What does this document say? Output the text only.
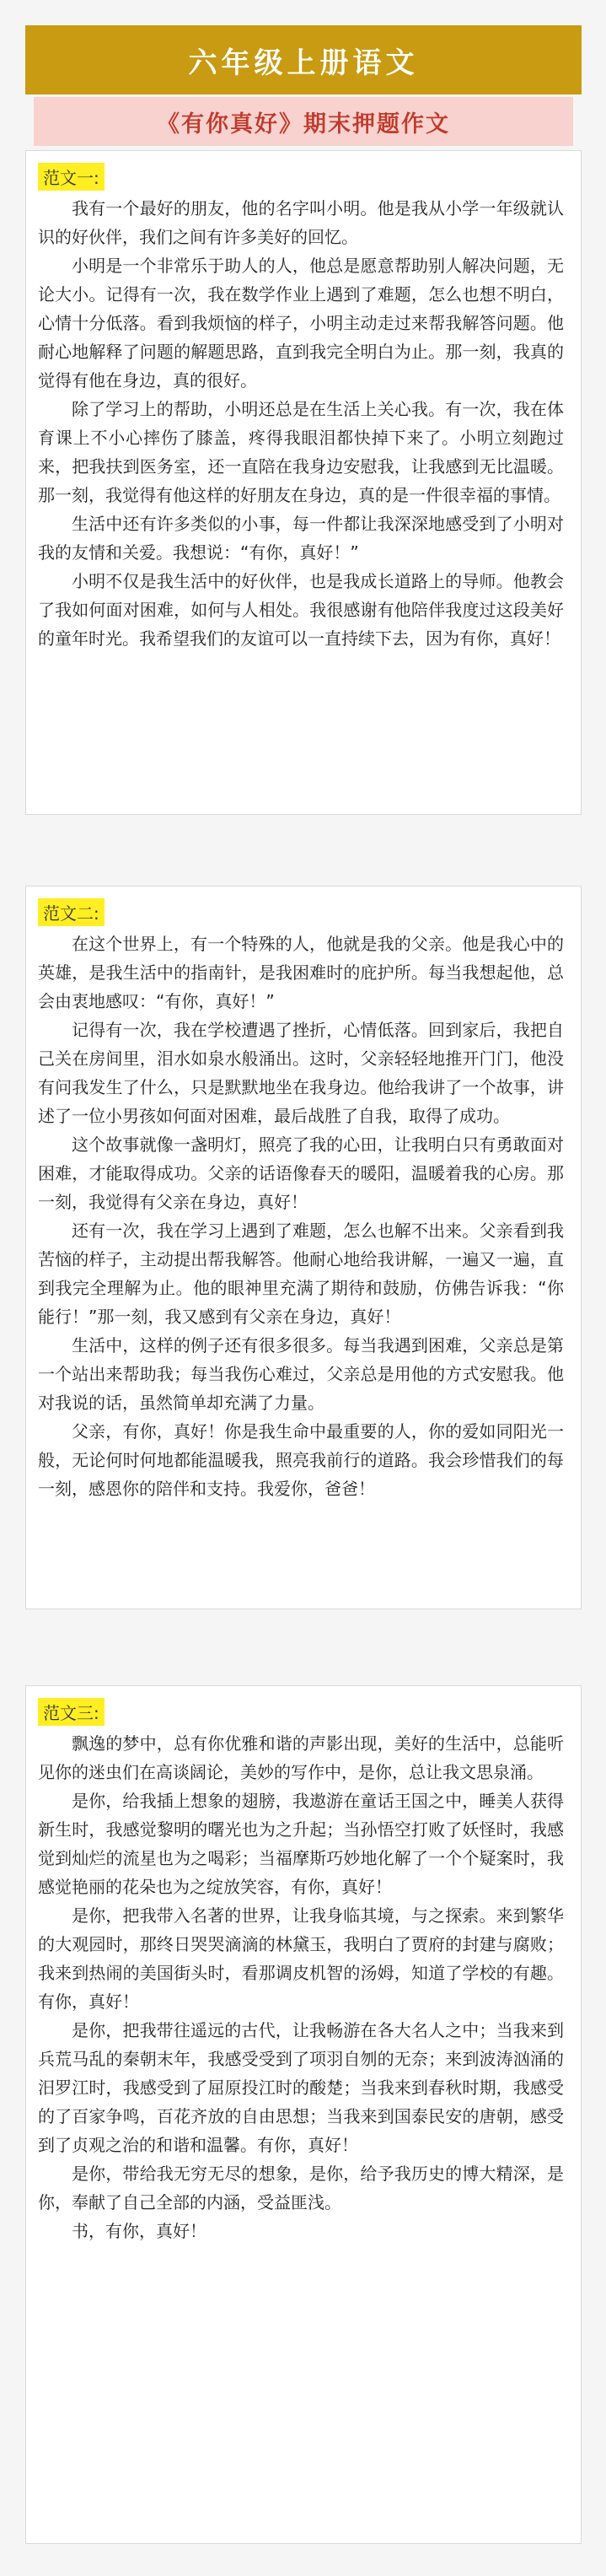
六年级上册语文
《有你真好》期末押题作文
范文一:

我有一个最好的朋友，他的名字叫小明。他是我从小学一年级就认识的好伙伴，我们之间有许多美好的回忆。

小明是一个非常乐于助人的人，他总是愿意帮助别人解决问题，无论大小。记得有一次，我在数学作业上遇到了难题，怎么也想不明白，心情十分低落。看到我烦恼的样子，小明主动走过来帮我解答问题。他耐心地解释了问题的解题思路，直到我完全明白为止。那一刻，我真的觉得有他在身边，真的很好。

除了学习上的帮助，小明还总是在生活上关心我。有一次，我在体育课上不小心摔伤了膝盖，疼得我眼泪都快掉下来了。小明立刻跑过来，把我扶到医务室，还一直陪在我身边安慰我，让我感到无比温暖。那一刻，我觉得有他这样的好朋友在身边，真的是一件很幸福的事情。

生活中还有许多类似的小事，每一件都让我深深地感受到了小明对我的友情和关爱。我想说：“有你，真好！”

小明不仅是我生活中的好伙伴，也是我成长道路上的导师。他教会了我如何面对困难，如何与人相处。我很感谢有他陪伴我度过这段美好的童年时光。我希望我们的友谊可以一直持续下去，因为有你，真好！

范文二:

在这个世界上，有一个特殊的人，他就是我的父亲。他是我心中的英雄，是我生活中的指南针，是我困难时的庇护所。每当我想起他，总会由衷地感叹：“有你，真好！”

记得有一次，我在学校遭遇了挫折，心情低落。回到家后，我把自己关在房间里，泪水如泉水般涌出。这时，父亲轻轻地推开门门，他没有问我发生了什么，只是默默地坐在我身边。他给我讲了一个故事，讲述了一位小男孩如何面对困难，最后战胜了自我，取得了成功。

这个故事就像一盏明灯，照亮了我的心田，让我明白只有勇敢面对困难，才能取得成功。父亲的话语像春天的暖阳，温暖着我的心房。那一刻，我觉得有父亲在身边，真好！

还有一次，我在学习上遇到了难题，怎么也解不出来。父亲看到我苦恼的样子，主动提出帮我解答。他耐心地给我讲解，一遍又一遍，直到我完全理解为止。他的眼神里充满了期待和鼓励，仿佛告诉我：“你能行！”那一刻，我又感到有父亲在身边，真好！

生活中，这样的例子还有很多很多。每当我遇到困难，父亲总是第一个站出来帮助我；每当我伤心难过，父亲总是用他的方式安慰我。他对我说的话，虽然简单却充满了力量。

父亲，有你，真好！你是我生命中最重要的人，你的爱如同阳光一般，无论何时何地都能温暖我，照亮我前行的道路。我会珍惜我们的每一刻，感恩你的陪伴和支持。我爱你，爸爸！

范文三:

飘逸的梦中，总有你优雅和谐的声影出现，美好的生活中，总能听见你的迷虫们在高谈阔论，美妙的写作中，是你，总让我文思泉涌。

是你，给我插上想象的翅膀，我遨游在童话王国之中，睡美人获得新生时，我感觉黎明的曙光也为之升起；当孙悟空打败了妖怪时，我感觉到灿烂的流星也为之喝彩；当福摩斯巧妙地化解了一个个疑案时，我感觉艳丽的花朵也为之绽放笑容，有你，真好！

是你，把我带入名著的世界，让我身临其境，与之探索。来到繁华的大观园时，那终日哭哭滴滴的林黛玉，我明白了贾府的封建与腐败；我来到热闹的美国街头时，看那调皮机智的汤姆，知道了学校的有趣。有你，真好！

是你，把我带往遥远的古代，让我畅游在各大名人之中；当我来到兵荒马乱的秦朝末年，我感受受到了项羽自刎的无奈；来到波涛汹涌的汨罗江时，我感受到了屈原投江时的酸楚；当我来到春秋时期，我感受的了百家争鸣，百花齐放的自由思想；当我来到国泰民安的唐朝，感受到了贞观之治的和谐和温馨。有你，真好！

是你，带给我无穷无尽的想象，是你，给予我历史的博大精深，是你，奉献了自己全部的内涵，受益匪浅。

书，有你，真好！
